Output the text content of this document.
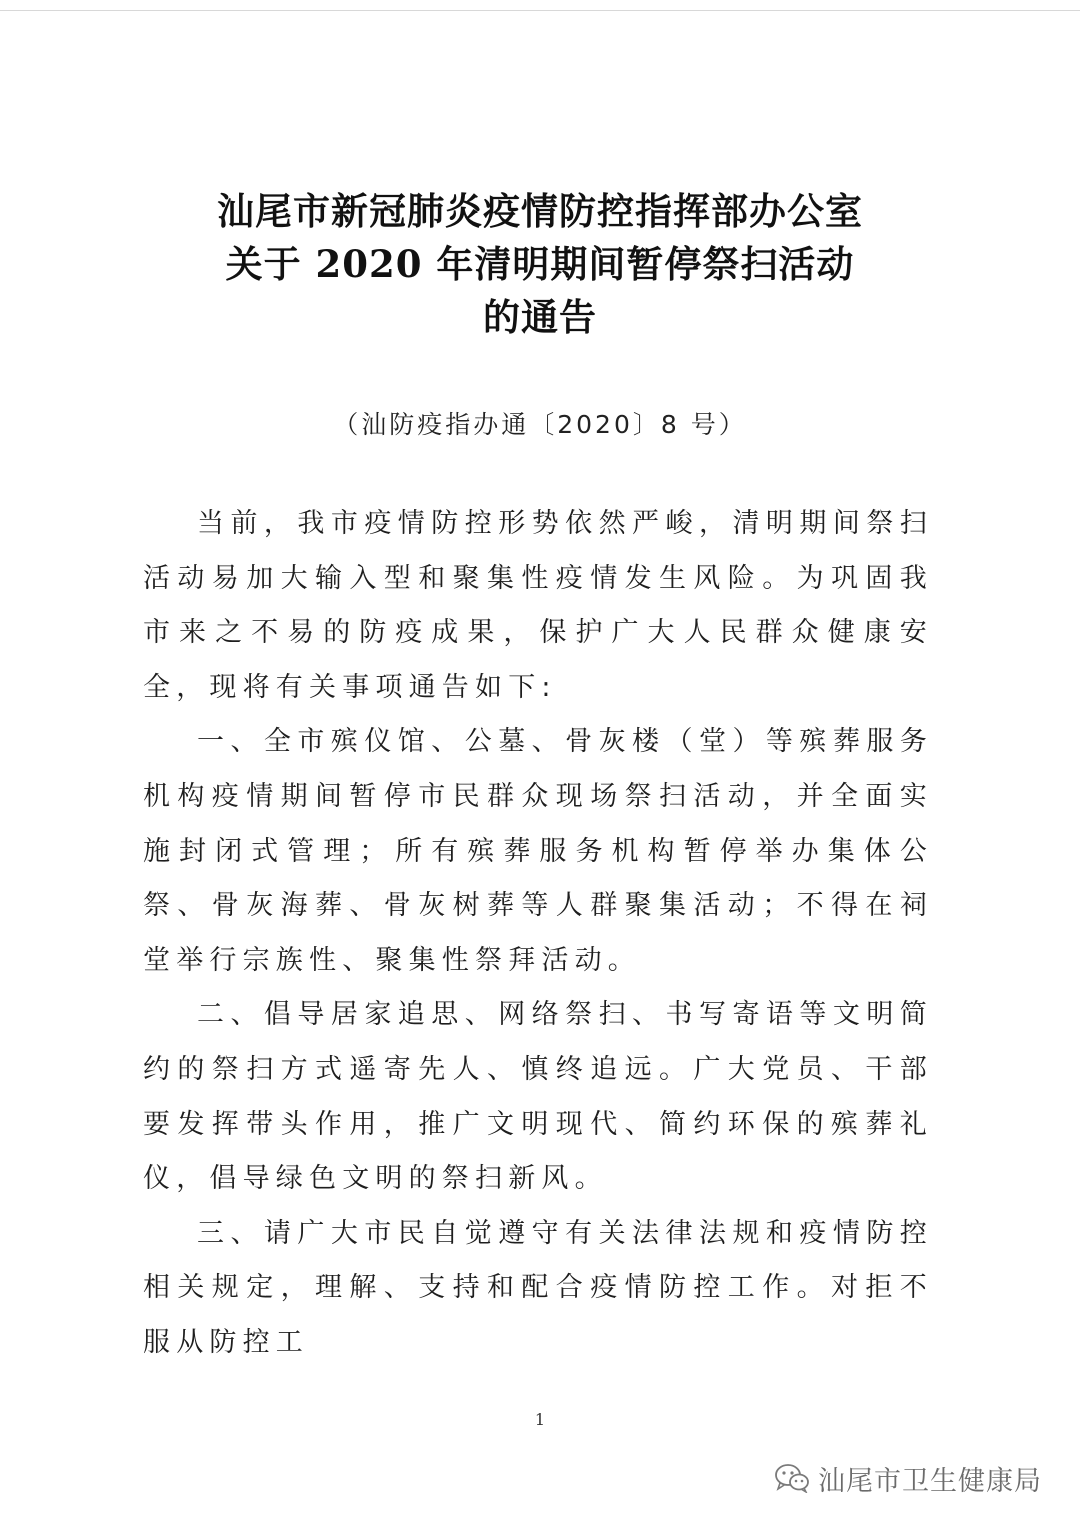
汕尾市新冠肺炎疫情防控指挥部办公室
关于 2020 年清明期间暂停祭扫活动
的通告
（汕防疫指办通〔2020〕8 号）

当前，我市疫情防控形势依然严峻，清明期间祭扫活动易加大输入型和聚集性疫情发生风险。为巩固我市来之不易的防疫成果，保护广大人民群众健康安全，现将有关事项通告如下:

一、全市殡仪馆、公墓、骨灰楼（堂）等殡葬服务机构疫情期间暂停市民群众现场祭扫活动，并全面实施封闭式管理；所有殡葬服务机构暂停举办集体公祭、骨灰海葬、骨灰树葬等人群聚集活动；不得在祠堂举行宗族性、聚集性祭拜活动。

二、倡导居家追思、网络祭扫、书写寄语等文明简约的祭扫方式遥寄先人、慎终追远。广大党员、干部要发挥带头作用，推广文明现代、简约环保的殡葬礼仪，倡导绿色文明的祭扫新风。

三、请广大市民自觉遵守有关法律法规和疫情防控相关规定，理解、支持和配合疫情防控工作。对拒不服从防控工

1
汕尾市卫生健康局
